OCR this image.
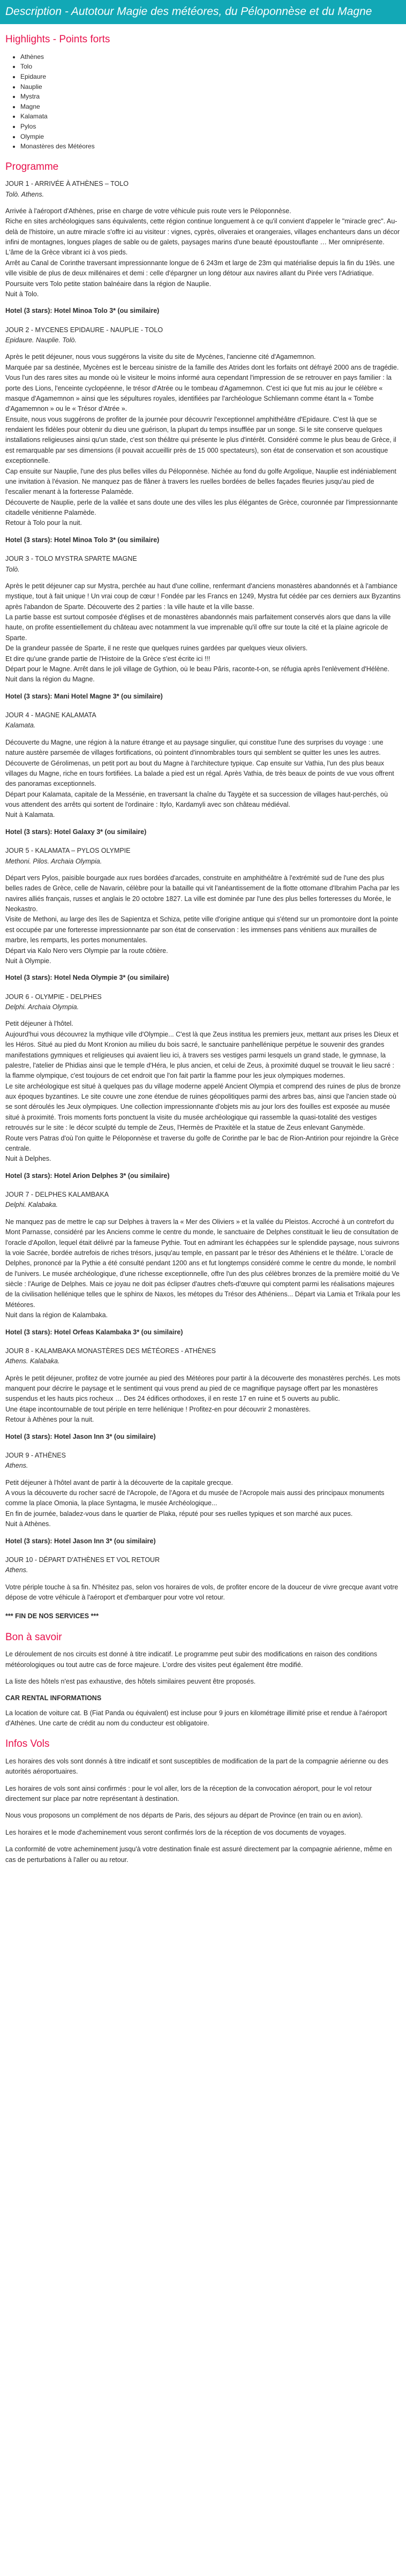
Description - Autotour Magie des météores, du Péloponnèse et du Magne
Highlights - Points forts
• Athènes
• Tolo
• Epidaure
• Nauplie
• Mystra
• Magne
• Kalamata
• Pylos
• Olympie
• Monastères des Météores
Programme

JOUR 1 - ARRIVÉE À ATHÈNES – TOLO

Tolò. Athens.

Arrivée à l'aéroport d'Athènes, prise en charge de votre véhicule puis route vers le Péloponnèse.
Riche en sites archéologiques sans équivalents, cette région continue longuement à ce qu'il convient d'appeler le "miracle grec". Au-delà de l'histoire, un autre miracle s'offre ici au visiteur : vignes, cyprès, oliveraies et orangeraies, villages enchanteurs dans un décor infini de montagnes, longues plages de sable ou de galets, paysages marins d'une beauté époustouflante … Mer omniprésente. L'âme de la Grèce vibrant ici à vos pieds.
Arrêt au Canal de Corinthe traversant impressionnante longue de 6 243m et large de 23m qui matérialise depuis la fin du 19ès. une ville visible de plus de deux millénaires et demi : celle d'épargner un long détour aux navires allant du Pirée vers l'Adriatique.
Poursuite vers Tolo petite station balnéaire dans la région de Nauplie.
Nuit à Tolo.

Hotel (3 stars): Hotel Minoa Tolo 3* (ou similaire)

JOUR 2 - MYCENES EPIDAURE - NAUPLIE - TOLO

Epidaure. Nauplie. Tolò.

Après le petit déjeuner, nous vous suggérons la visite du site de Mycènes, l'ancienne cité d'Agamemnon.
Marquée par sa destinée, Mycènes est le berceau sinistre de la famille des Atrides dont les forfaits ont défrayé 2000 ans de tragédie.
Vous l'un des rares sites au monde où le visiteur le moins informé aura cependant l'impression de se retrouver en pays familier : la porte des Lions, l'enceinte cyclopéenne, le trésor d'Atrée ou le tombeau d'Agamemnon. C'est ici que fut mis au jour le célèbre « masque d'Agamemnon » ainsi que les sépultures royales, identifiées par l'archéologue Schliemann comme étant la « Tombe d'Agamemnon » ou le « Trésor d'Atrée ».
Ensuite, nous vous suggérons de profiter de la journée pour découvrir l'exceptionnel amphithéâtre d'Epidaure. C'est là que se rendaient les fidèles pour obtenir du dieu une guérison, la plupart du temps insufflée par un songe. Si le site conserve quelques installations religieuses ainsi qu'un stade, c'est son théâtre qui présente le plus d'intérêt. Considéré comme le plus beau de Grèce, il est remarquable par ses dimensions (il pouvait accueillir près de 15 000 spectateurs), son état de conservation et son acoustique exceptionnelle.
Cap ensuite sur Nauplie, l'une des plus belles villes du Péloponnèse. Nichée au fond du golfe Argolique, Nauplie est indéniablement une invitation à l'évasion. Ne manquez pas de flâner à travers les ruelles bordées de belles façades fleuries jusqu'au pied de l'escalier menant à la forteresse Palamède.
Découverte de Nauplie, perle de la vallée et sans doute une des villes les plus élégantes de Grèce, couronnée par l'impressionnante citadelle vénitienne Palamède.
Retour à Tolo pour la nuit.

Hotel (3 stars): Hotel Minoa Tolo 3* (ou similaire)

JOUR 3 - TOLO MYSTRA SPARTE MAGNE

Tolò.

Après le petit déjeuner cap sur Mystra, perchée au haut d'une colline, renfermant d'anciens monastères abandonnés et à l'ambiance mystique, tout à fait unique ! Un vrai coup de cœur ! Fondée par les Francs en 1249, Mystra fut cédée par ces derniers aux Byzantins après l'abandon de Sparte. Découverte des 2 parties : la ville haute et la ville basse.
La partie basse est surtout composée d'églises et de monastères abandonnés mais parfaitement conservés alors que dans la ville haute, on profite essentiellement du château avec notamment la vue imprenable qu'il offre sur toute la cité et la plaine agricole de Sparte.
De la grandeur passée de Sparte, il ne reste que quelques ruines gardées par quelques vieux oliviers.
Et dire qu'une grande partie de l'Histoire de la Grèce s'est écrite ici !!!
Départ pour le Magne. Arrêt dans le joli village de Gythion, où le beau Pâris, raconte-t-on, se réfugia après l'enlèvement d'Hélène.
Nuit dans la région du Magne.

Hotel (3 stars): Mani Hotel Magne 3* (ou similaire)

JOUR 4 - MAGNE KALAMATA

Kalamata.

Découverte du Magne, une région à la nature étrange et au paysage singulier, qui constitue l'une des surprises du voyage : une nature austère parsemée de villages fortifications, où pointent d'innombrables tours qui semblent se quitter les unes les autres.
Découverte de Gérolimenas, un petit port au bout du Magne à l'architecture typique. Cap ensuite sur Vathia, l'un des plus beaux villages du Magne, riche en tours fortifiées. La balade a pied est un régal. Après Vathia, de très beaux de points de vue vous offrent des panoramas exceptionnels.
Départ pour Kalamata, capitale de la Messénie, en traversant la chaîne du Taygète et sa succession de villages haut-perchés, où vous attendent des arrêts qui sortent de l'ordinaire : Itylo, Kardamyli avec son château médiéval.
Nuit à Kalamata.

Hotel (3 stars): Hotel Galaxy 3* (ou similaire)

JOUR 5 - KALAMATA – PYLOS OLYMPIE

Methoni. Pilos. Archaia Olympia.

Départ vers Pylos, paisible bourgade aux rues bordées d'arcades, construite en amphithéâtre à l'extrémité sud de l'une des plus belles rades de Grèce, celle de Navarin, célèbre pour la bataille qui vit l'anéantissement de la flotte ottomane d'Ibrahim Pacha par les navires alliés français, russes et anglais le 20 octobre 1827. La ville est dominée par l'une des plus belles forteresses du Morée, le Neokastro.
Visite de Methoni, au large des îles de Sapientza et Schiza, petite ville d'origine antique qui s'étend sur un promontoire dont la pointe est occupée par une forteresse impressionnante par son état de conservation : les immenses pans vénitiens aux murailles de marbre, les remparts, les portes monumentales.
Départ via Kalo Nero vers Olympie par la route côtière.
Nuit à Olympie.

Hotel (3 stars): Hotel Neda Olympie 3* (ou similaire)

JOUR 6 - OLYMPIE - DELPHES

Delphi. Archaia Olympia.

Petit déjeuner à l'hôtel.
Aujourd'hui vous découvrez la mythique ville d'Olympie... C'est là que Zeus institua les premiers jeux, mettant aux prises les Dieux et les Héros. Situé au pied du Mont Kronion au milieu du bois sacré, le sanctuaire panhellénique perpétue le souvenir des grandes manifestations gymniques et religieuses qui avaient lieu ici, à travers ses vestiges parmi lesquels un grand stade, le gymnase, la palestre, l'atelier de Phidias ainsi que le temple d'Héra, le plus ancien, et celui de Zeus, à proximité duquel se trouvait le lieu sacré : la flamme olympique, c'est toujours de cet endroit que l'on fait partir la flamme pour les jeux olympiques modernes.
Le site archéologique est situé à quelques pas du village moderne appelé Ancient Olympia et comprend des ruines de plus de bronze aux époques byzantines. Le site couvre une zone étendue de ruines géopolitiques parmi des arbres bas, ainsi que l'ancien stade où se sont déroulés les Jeux olympiques. Une collection impressionnante d'objets mis au jour lors des fouilles est exposée au musée situé à proximité. Trois moments forts ponctuent la visite du musée archéologique qui rassemble la quasi-totalité des vestiges retrouvés sur le site : le décor sculpté du temple de Zeus, l'Hermès de Praxitèle et la statue de Zeus enlevant Ganymède.
Route vers Patras d'où l'on quitte le Péloponnèse et traverse du golfe de Corinthe par le bac de Rion-Antirion pour rejoindre la Grèce centrale.
Nuit à Delphes.

Hotel (3 stars): Hotel Arion Delphes 3* (ou similaire)

JOUR 7 - DELPHES KALAMBAKA

Delphi. Kalabaka.

Ne manquez pas de mettre le cap sur Delphes à travers la « Mer des Oliviers » et la vallée du Pleistos. Accroché à un contrefort du Mont Parnasse, considéré par les Anciens comme le centre du monde, le sanctuaire de Delphes constituait le lieu de consultation de l'oracle d'Apollon, lequel était délivré par la fameuse Pythie. Tout en admirant les échappées sur le splendide paysage, nous suivrons la voie Sacrée, bordée autrefois de riches trésors, jusqu'au temple, en passant par le trésor des Athéniens et le théâtre. L'oracle de Delphes, prononcé par la Pythie a été consulté pendant 1200 ans et fut longtemps considéré comme le centre du monde, le nombril de l'univers. Le musée archéologique, d'une richesse exceptionnelle, offre l'un des plus célèbres bronzes de la première moitié du Ve siècle : l'Aurige de Delphes. Mais ce joyau ne doit pas éclipser d'autres chefs-d'œuvre qui comptent parmi les réalisations majeures de la civilisation hellénique telles que le sphinx de Naxos, les métopes du Trésor des Athéniens... Départ via Lamia et Trikala pour les Météores.
Nuit dans la région de Kalambaka.

Hotel (3 stars): Hotel Orfeas Kalambaka 3* (ou similaire)

JOUR 8 - KALAMBAKA MONASTÈRES DES MÉTÉORES - ATHÈNES

Athens. Kalabaka.

Après le petit déjeuner, profitez de votre journée au pied des Météores pour partir à la découverte des monastères perchés. Les mots manquent pour décrire le paysage et le sentiment qui vous prend au pied de ce magnifique paysage offert par les monastères suspendus et les hauts pics rocheux … Des 24 édifices orthodoxes, il en reste 17 en ruine et 5 ouverts au public.
Une étape incontournable de tout périple en terre hellénique ! Profitez-en pour découvrir 2 monastères.
Retour à Athènes pour la nuit.

Hotel (3 stars): Hotel Jason Inn 3* (ou similaire)

JOUR 9 - ATHÈNES

Athens.

Petit déjeuner à l'hôtel avant de partir à la découverte de la capitale grecque.
A vous la découverte du rocher sacré de l'Acropole, de l'Agora et du musée de l'Acropole mais aussi des principaux monuments comme la place Omonia, la place Syntagma, le musée Archéologique...
En fin de journée, baladez-vous dans le quartier de Plaka, réputé pour ses ruelles typiques et son marché aux puces.
Nuit à Athènes.

Hotel (3 stars): Hotel Jason Inn 3* (ou similaire)

JOUR 10 - DÉPART D'ATHÈNES ET VOL RETOUR

Athens.

Votre périple touche à sa fin. N'hésitez pas, selon vos horaires de vols, de profiter encore de la douceur de vivre grecque avant votre dépose de votre véhicule à l'aéroport et d'embarquer pour votre vol retour.

*** FIN DE NOS SERVICES ***

Bon à savoir

Le déroulement de nos circuits est donné à titre indicatif. Le programme peut subir des modifications en raison des conditions météorologiques ou tout autre cas de force majeure. L'ordre des visites peut également être modifié.

La liste des hôtels n'est pas exhaustive, des hôtels similaires peuvent être proposés.

CAR RENTAL INFORMATIONS

La location de voiture cat. B (Fiat Panda ou équivalent) est incluse pour 9 jours en kilométrage illimité prise et rendue à l'aéroport d'Athènes. Une carte de crédit au nom du conducteur est obligatoire.

Infos Vols

Les horaires des vols sont donnés à titre indicatif et sont susceptibles de modification de la part de la compagnie aérienne ou des autorités aéroportuaires.

Les horaires de vols sont ainsi confirmés : pour le vol aller, lors de la réception de la convocation aéroport, pour le vol retour directement sur place par notre représentant à destination.

Nous vous proposons un complément de nos départs de Paris, des séjours au départ de Province (en train ou en avion).

Les horaires et le mode d'acheminement vous seront confirmés lors de la réception de vos documents de voyages.

La conformité de votre acheminement jusqu'à votre destination finale est assuré directement par la compagnie aérienne, même en cas de perturbations à l'aller ou au retour.
